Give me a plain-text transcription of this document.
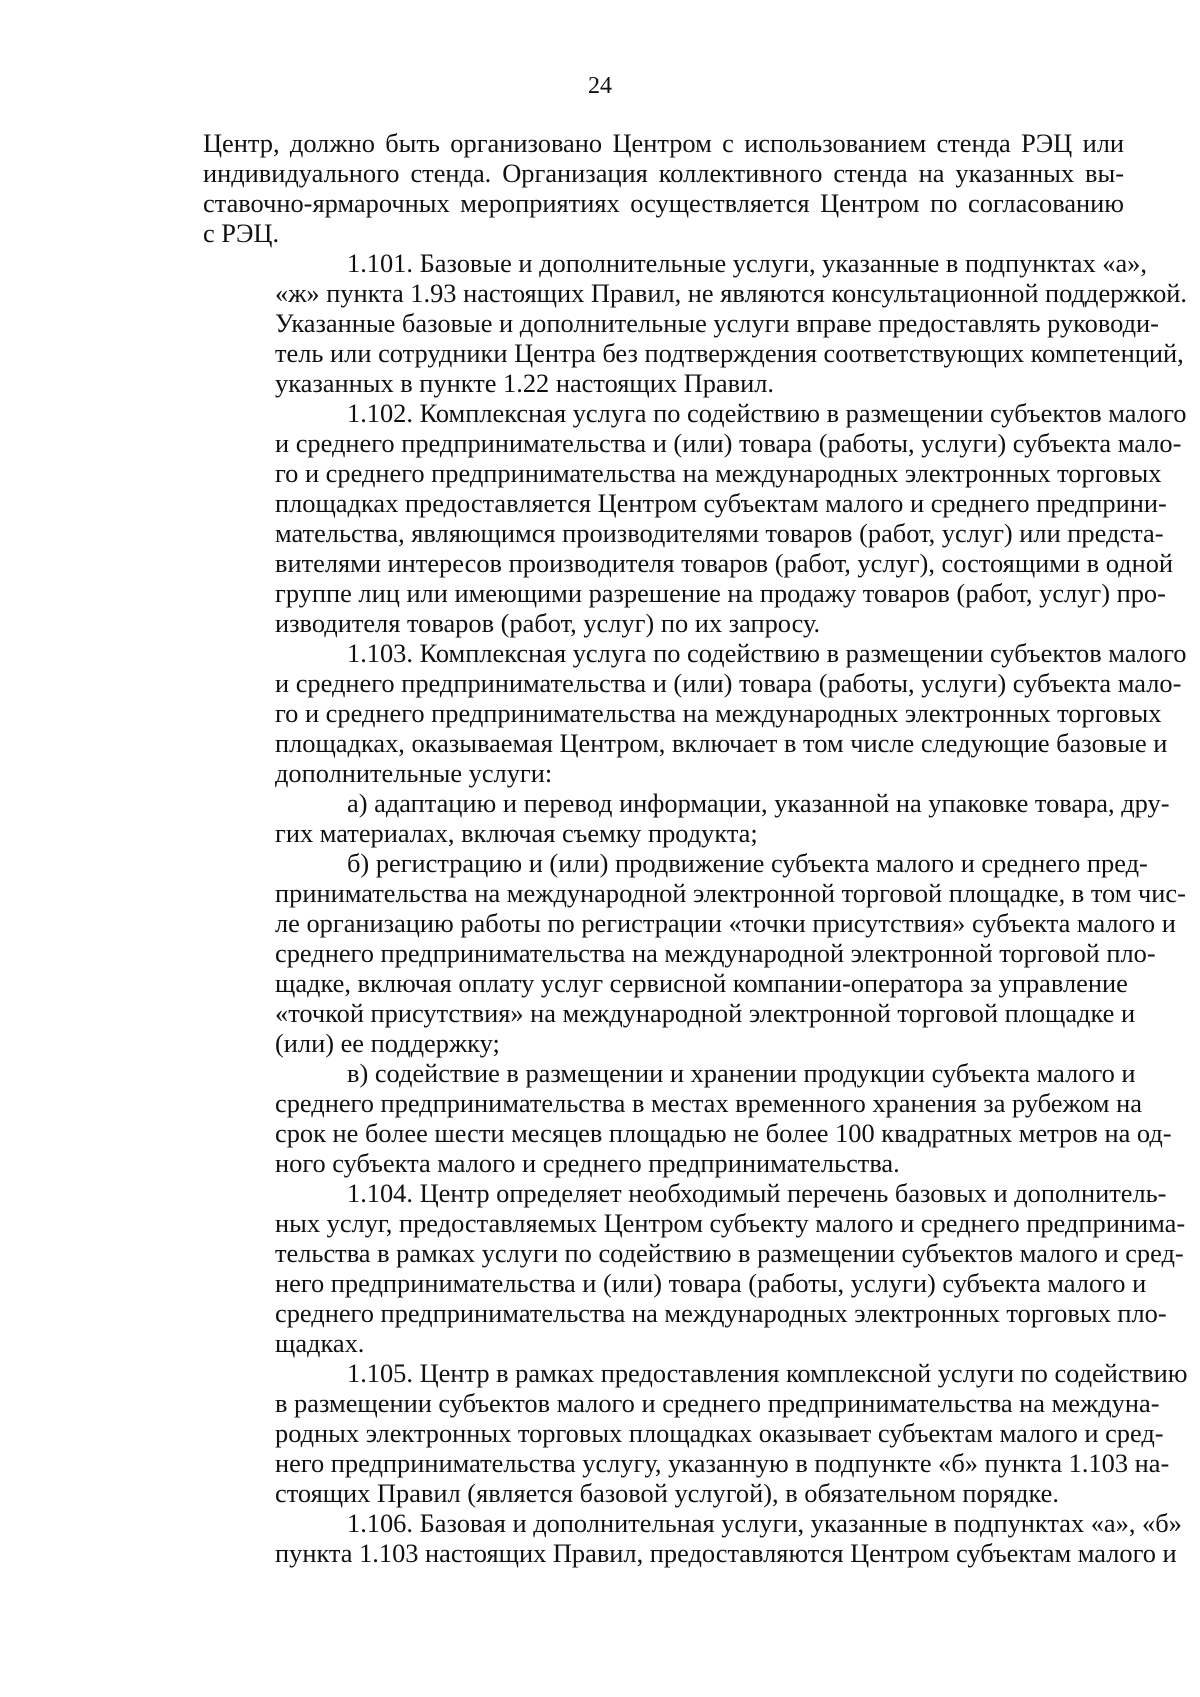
24
Центр, должно быть организовано Центром с использованием стенда РЭЦ или
индивидуального стенда. Организация коллективного стенда на указанных вы-
ставочно-ярмарочных мероприятиях осуществляется Центром по согласованию
с РЭЦ.
1.101. Базовые и дополнительные услуги, указанные в подпунктах «а»,
«ж» пункта 1.93 настоящих Правил, не являются консультационной поддержкой.
Указанные базовые и дополнительные услуги вправе предоставлять руководи-
тель или сотрудники Центра без подтверждения соответствующих компетенций,
указанных в пункте 1.22 настоящих Правил.
1.102. Комплексная услуга по содействию в размещении субъектов малого
и среднего предпринимательства и (или) товара (работы, услуги) субъекта мало-
го и среднего предпринимательства на международных электронных торговых
площадках предоставляется Центром субъектам малого и среднего предприни-
мательства, являющимся производителями товаров (работ, услуг) или предста-
вителями интересов производителя товаров (работ, услуг), состоящими в одной
группе лиц или имеющими разрешение на продажу товаров (работ, услуг) про-
изводителя товаров (работ, услуг) по их запросу.
1.103. Комплексная услуга по содействию в размещении субъектов малого
и среднего предпринимательства и (или) товара (работы, услуги) субъекта мало-
го и среднего предпринимательства на международных электронных торговых
площадках, оказываемая Центром, включает в том числе следующие базовые и
дополнительные услуги:
а) адаптацию и перевод информации, указанной на упаковке товара, дру-
гих материалах, включая съемку продукта;
б) регистрацию и (или) продвижение субъекта малого и среднего пред-
принимательства на международной электронной торговой площадке, в том чис-
ле организацию работы по регистрации «точки присутствия» субъекта малого и
среднего предпринимательства на международной электронной торговой пло-
щадке, включая оплату услуг сервисной компании-оператора за управление
«точкой присутствия» на международной электронной торговой площадке и
(или) ее поддержку;
в) содействие в размещении и хранении продукции субъекта малого и
среднего предпринимательства в местах временного хранения за рубежом на
срок не более шести месяцев площадью не более 100 квадратных метров на од-
ного субъекта малого и среднего предпринимательства.
1.104. Центр определяет необходимый перечень базовых и дополнитель-
ных услуг, предоставляемых Центром субъекту малого и среднего предпринима-
тельства в рамках услуги по содействию в размещении субъектов малого и сред-
него предпринимательства и (или) товара (работы, услуги) субъекта малого и
среднего предпринимательства на международных электронных торговых пло-
щадках.
1.105. Центр в рамках предоставления комплексной услуги по содействию
в размещении субъектов малого и среднего предпринимательства на междуна-
родных электронных торговых площадках оказывает субъектам малого и сред-
него предпринимательства услугу, указанную в подпункте «б» пункта 1.103 на-
стоящих Правил (является базовой услугой), в обязательном порядке.
1.106. Базовая и дополнительная услуги, указанные в подпунктах «а», «б»
пункта 1.103 настоящих Правил, предоставляются Центром субъектам малого и
